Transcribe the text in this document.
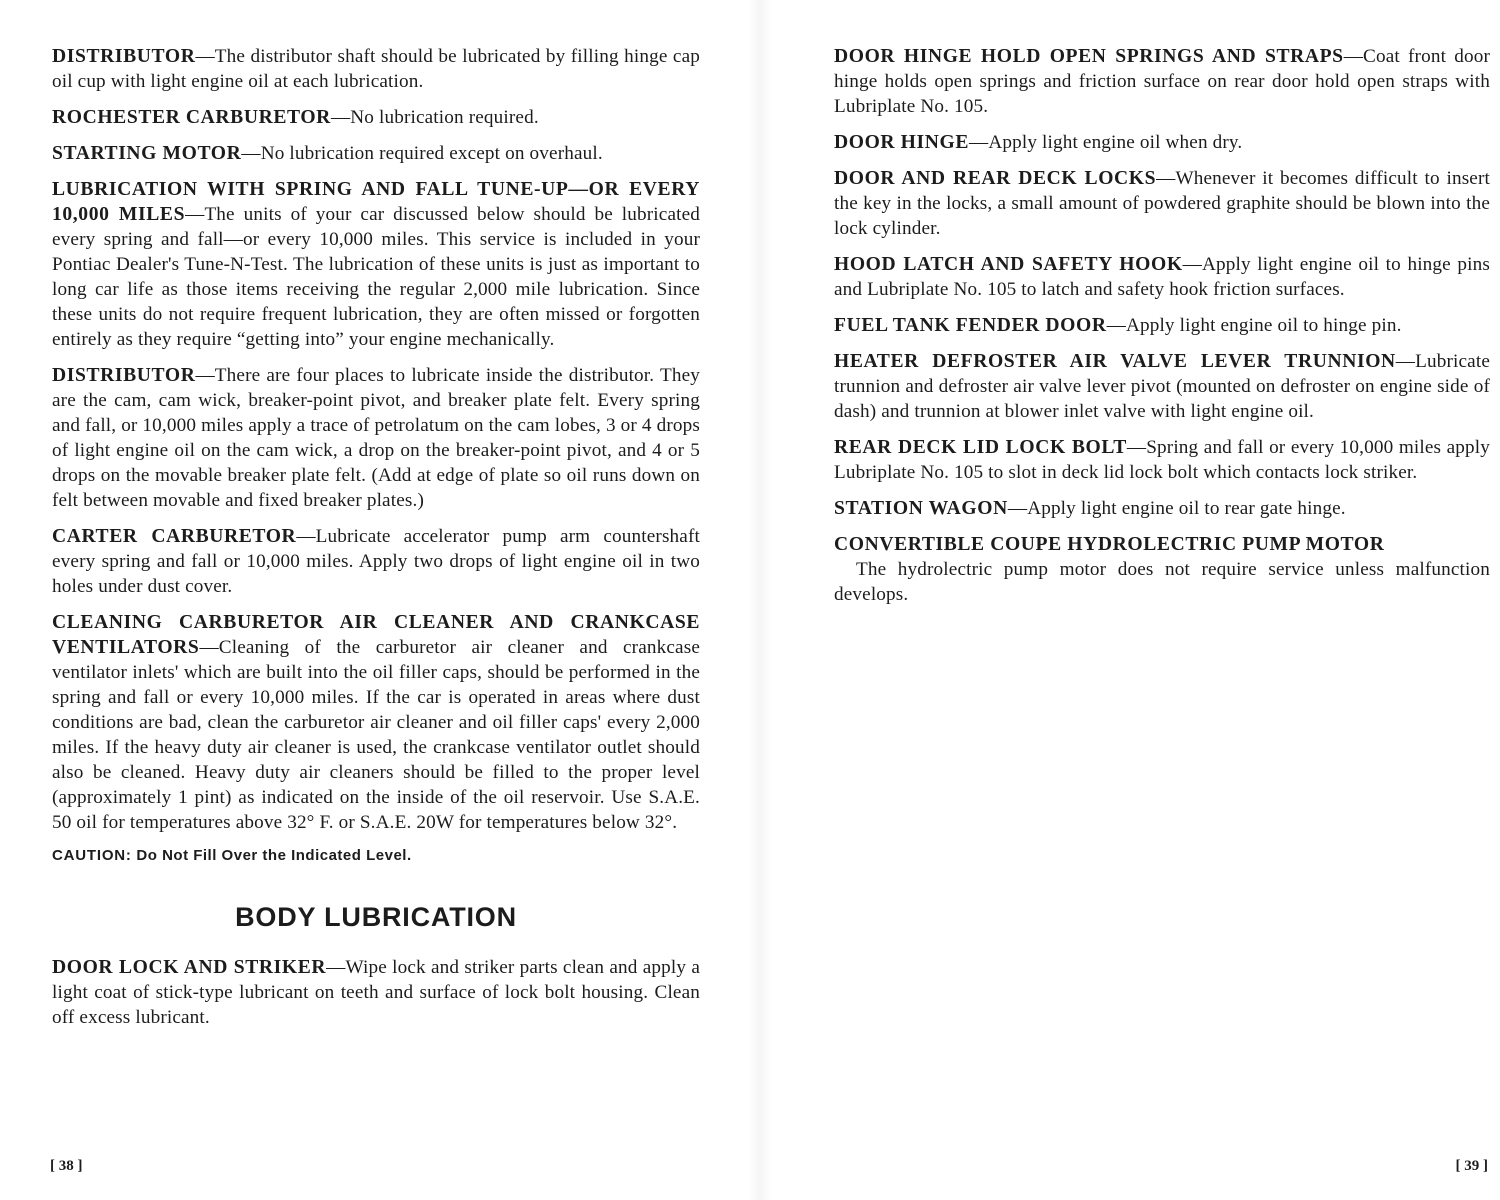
DISTRIBUTOR—The distributor shaft should be lubricated by filling hinge cap oil cup with light engine oil at each lubrication.

ROCHESTER CARBURETOR—No lubrication required.

STARTING MOTOR—No lubrication required except on overhaul.

LUBRICATION WITH SPRING AND FALL TUNE-UP—OR EVERY 10,000 MILES—The units of your car discussed below should be lubricated every spring and fall—or every 10,000 miles. This service is included in your Pontiac Dealer's Tune-N-Test. The lubrication of these units is just as important to long car life as those items receiving the regular 2,000 mile lubrication. Since these units do not require frequent lubrication, they are often missed or forgotten entirely as they require “getting into” your engine mechanically.

DISTRIBUTOR—There are four places to lubricate inside the distributor. They are the cam, cam wick, breaker-point pivot, and breaker plate felt. Every spring and fall, or 10,000 miles apply a trace of petrolatum on the cam lobes, 3 or 4 drops of light engine oil on the cam wick, a drop on the breaker-point pivot, and 4 or 5 drops on the movable breaker plate felt. (Add at edge of plate so oil runs down on felt between movable and fixed breaker plates.)

CARTER CARBURETOR—Lubricate accelerator pump arm countershaft every spring and fall or 10,000 miles. Apply two drops of light engine oil in two holes under dust cover.

CLEANING CARBURETOR AIR CLEANER AND CRANKCASE VENTILATORS—Cleaning of the carburetor air cleaner and crankcase ventilator inlets' which are built into the oil filler caps, should be performed in the spring and fall or every 10,000 miles. If the car is operated in areas where dust conditions are bad, clean the carburetor air cleaner and oil filler caps' every 2,000 miles. If the heavy duty air cleaner is used, the crankcase ventilator outlet should also be cleaned. Heavy duty air cleaners should be filled to the proper level (approximately 1 pint) as indicated on the inside of the oil reservoir. Use S.A.E. 50 oil for temperatures above 32° F. or S.A.E. 20W for temperatures below 32°.

CAUTION: Do Not Fill Over the Indicated Level.

BODY LUBRICATION

DOOR LOCK AND STRIKER—Wipe lock and striker parts clean and apply a light coat of stick-type lubricant on teeth and surface of lock bolt housing. Clean off excess lubricant.

[ 38 ]

DOOR HINGE HOLD OPEN SPRINGS AND STRAPS—Coat front door hinge holds open springs and friction surface on rear door hold open straps with Lubriplate No. 105.

DOOR HINGE—Apply light engine oil when dry.

DOOR AND REAR DECK LOCKS—Whenever it becomes difficult to insert the key in the locks, a small amount of powdered graphite should be blown into the lock cylinder.

HOOD LATCH AND SAFETY HOOK—Apply light engine oil to hinge pins and Lubriplate No. 105 to latch and safety hook friction surfaces.

FUEL TANK FENDER DOOR—Apply light engine oil to hinge pin.

HEATER DEFROSTER AIR VALVE LEVER TRUNNION—Lubricate trunnion and defroster air valve lever pivot (mounted on defroster on engine side of dash) and trunnion at blower inlet valve with light engine oil.

REAR DECK LID LOCK BOLT—Spring and fall or every 10,000 miles apply Lubriplate No. 105 to slot in deck lid lock bolt which contacts lock striker.

STATION WAGON—Apply light engine oil to rear gate hinge.

CONVERTIBLE COUPE HYDROLECTRIC PUMP MOTOR

The hydrolectric pump motor does not require service unless malfunction develops.

[ 39 ]
